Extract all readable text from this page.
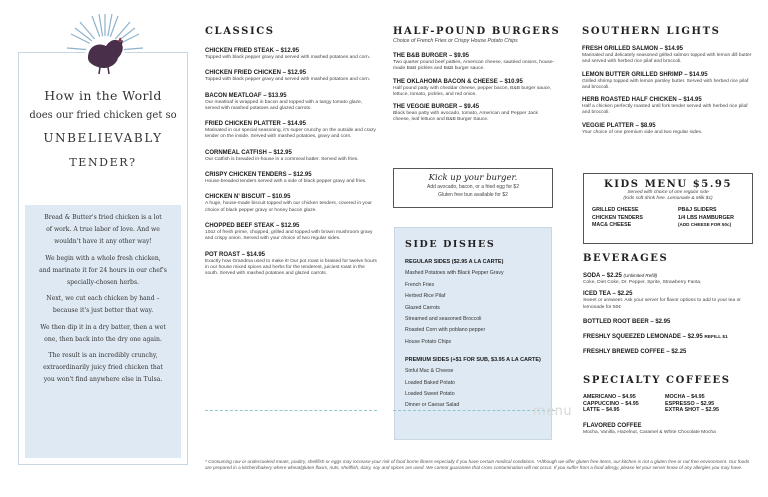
How in the World
does our fried chicken get so
UNBELIEVABLY
TENDER?
Bread & Butter's fried chicken is a lot
of work. A true labor of love. And we
wouldn't have it any other way!
We begin with a whole fresh chicken,
and marinate it for 24 hours in our chef's
specially-chosen herbs.
Next, we cut each chicken by hand –
because it's just better that way.
We then dip it in a dry batter, then a wet
one, then back into the dry one again.
The result is an incredibly crunchy,
extraordinarily juicy fried chicken that
you won't find anywhere else in Tulsa.
CLASSICS
CHICKEN FRIED STEAK – $12.95
Topped with black pepper gravy and served with mashed potatoes and corn.
CHICKEN FRIED CHICKEN – $12.95
Topped with black pepper gravy and served with mashed potatoes and corn.
BACON MEATLOAF – $13.95
Our meatloaf is wrapped in bacon and topped with a tangy tomato glaze, served with mashed potatoes and glazed carrots.
FRIED CHICKEN PLATTER – $14.95
Marinated in our special seasoning, it's super crunchy on the outside and crazy tender on the inside. Served with mashed potatoes, gravy and corn.
CORNMEAL CATFISH – $12.95
Our Catfish is breaded in-house in a cornmeal batter. Served with fries.
CRISPY CHICKEN TENDERS – $12.95
House-breaded tenders served with a side of black pepper gravy and fries.
CHICKEN N' BISCUIT – $10.95
A huge, house-made biscuit topped with our chicken tenders, covered in your choice of black pepper gravy or honey bacon glaze.
CHOPPED BEEF STEAK – $12.95
10oz of fresh prime, chopped, grilled and topped with brown mushroom gravy and crispy onion. Served with your choice of two regular sides.
POT ROAST – $14.95
Exactly how Grandma used to make it! Our pot roast is braised for twelve hours in our house mixed spices and herbs for the tenderest, juiciest roast in the south. Served with mashed potatoes and glazed carrots.
HALF-POUND BURGERS
Choice of French Fries or Crispy House Potato Chips
THE B&B BURGER – $9.95
Two quarter pound beef patties, American cheese, sautéed onions, house-made B&B pickles and B&B burger sauce.
THE OKLAHOMA BACON & CHEESE – $10.95
Half pound patty with cheddar cheese, pepper bacon, B&B burger sauce, lettuce, tomato, pickles, and red onion.
THE VEGGIE BURGER – $9.45
Black bean patty with avocado, tomato, American and Pepper Jack cheese, leaf lettuce and B&B Burger Sauce.
Kick up your burger.
Add avocado, bacon, or a fried egg for $2
Gluten free bun available for $2
SIDE DISHES
REGULAR SIDES ($2.95 A LA CARTE)
Mashed Potatoes with Black Pepper Gravy
French Fries
Herbed Rice Pilaf
Glazed Carrots
Streamed and seasoned Broccoli
Roasted Corn with poblano pepper
House Potato Chips
PREMIUM SIDES (+$1 FOR SUB, $3.95 A LA CARTE)
Sinful Mac & Cheese
Loaded Baked Potato
Loaded Sweet Potato
Dinner or Caesar Salad
SOUTHERN LIGHTS
FRESH GRILLED SALMON – $14.95
Marinated and delicately seasoned grilled salmon topped with lemon dill butter and served with herbed rice pilaf and broccoli.
LEMON BUTTER GRILLED SHRIMP – $14.95
Grilled shrimp topped with lemon parsley butter. Served with herbed rice pilaf and broccoli.
HERB ROASTED HALF CHICKEN – $14.95
Half a chicken perfectly roasted until fork tender served with herbed rice pilaf and broccoli.
VEGGIE PLATTER – $8.95
Your choice of one premium side and two regular sides.
KIDS MENU $5.95
Served with choice of one regular side
(Kids soft drink free. Lemonade & Milk $1)
GRILLED CHEESE	PB&J SLIDERS
CHICKEN TENDERS	1/4 LBS HAMBURGER
MAC& CHEESE	(ADD CHEESE FOR 50c)
BEVERAGES
SODA – $2.25 (Unlimited Refill)
Coke, Diet Coke, Dr. Pepper, Sprite, Strawberry Fanta.
ICED TEA – $2.25
Sweet or unsweet. Ask your server for flavor options to add to your tea or lemonade for 50¢
BOTTLED ROOT BEER – $2.95
FRESHLY SQUEEZED LEMONADE – $2.95 REFILL $1
FRESHLY BREWED COFFEE – $2.25
SPECIALTY COFFEES
AMERICANO – $4.95	MOCHA – $4.95
CAPPUCCINO – $4.95	ESPRESSO – $2.95
LATTE – $4.95	EXTRA SHOT – $2.95
FLAVORED COFFEE
Mocha, Vanilla, Hazelnut, Caramel & White Chocolate Mocha
menu
* Consuming raw or undercooked meats, poultry, shellfish or eggs may increase your risk of food borne illness especially if you have certain medical conditions. *Although we offer gluten free items, our kitchen is not a gluten free or nut free environment. Our foods are prepared in a kitchen/bakery where wheat/gluten flours, nuts, shellfish, dairy, soy and spices are used. We cannot guarantee that cross contamination will not occur. If you suffer from a food allergy, please let your server know of any allergies you may have.
